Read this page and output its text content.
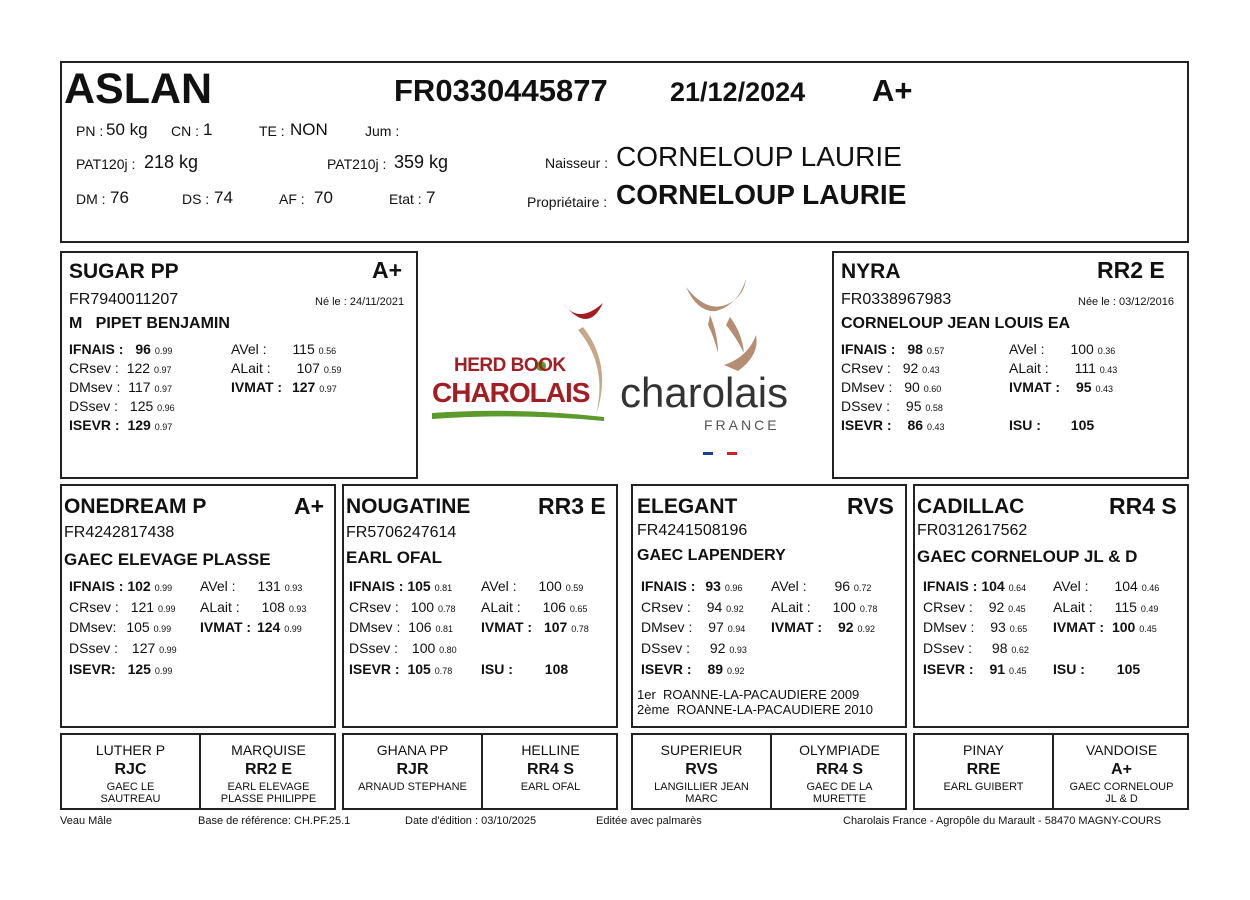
ASLAN	FR0330445877 21/12/2024 A+
PN : 50 kg CN : 1	TE : NON	Jum :
PAT120j : 218 kg	PAT210j : 359 kg
DM : 76	DS : 74	AF : 70	Etat : 7
Naisseur : CORNELOUP LAURIE
Propriétaire : CORNELOUP LAURIE
SUGAR PP	A+
FR7940011207	Né le : 24/11/2021
M   PIPET BENJAMIN
IFNAIS : 96 0.99
CRsev : 122 0.97
DMsev : 117 0.97
DSsev : 125 0.96
ISEVR : 129 0.97
AVel : 115 0.56
ALait : 107 0.59
IVMAT : 127 0.97
HERD BOOK
CHAROLAIS charolais
FRANCE
NYRA	RR2 E
FR0338967983	Née le : 03/12/2016
CORNELOUP JEAN LOUIS EA
IFNAIS : 98 0.57
CRsev : 92 0.43
DMsev : 90 0.60
DSsev : 95 0.58
ISEVR : 86 0.43
AVel : 100 0.36
ALait : 111 0.43
IVMAT : 95 0.43
ISU : 105
ONEDREAM P	A+
FR4242817438
GAEC ELEVAGE PLASSE
IFNAIS : 102 0.99
CRsev : 121 0.99
DMsev: 105 0.99
DSsev : 127 0.99
ISEVR: 125 0.99
AVel : 131 0.93
ALait : 108 0.93
IVMAT : 124 0.99
NOUGATINE	RR3 E
FR5706247614
EARL OFAL
IFNAIS : 105 0.81
CRsev : 100 0.78
DMsev : 106 0.81
DSsev : 100 0.80
ISEVR : 105 0.78
AVel : 100 0.59
ALait : 106 0.65
IVMAT : 107 0.78
ISU : 108
ELEGANT	RVS
FR4241508196
GAEC LAPENDERY
IFNAIS : 93 0.96
CRsev : 94 0.92
DMsev : 97 0.94
DSsev : 92 0.93
ISEVR : 89 0.92
AVel : 96 0.72
ALait : 100 0.78
IVMAT : 92 0.92
1er  ROANNE-LA-PACAUDIERE 2009
2ème  ROANNE-LA-PACAUDIERE 2010
CADILLAC	RR4 S
FR0312617562
GAEC CORNELOUP JL & D
IFNAIS : 104 0.64
CRsev : 92 0.45
DMsev : 93 0.65
DSsev : 98 0.62
ISEVR : 91 0.45
AVel : 104 0.46
ALait : 115 0.49
IVMAT : 100 0.45
ISU : 105
LUTHER P
RJC
GAEC LE SAUTREAU
MARQUISE
RR2 E
EARL ELEVAGE PLASSE PHILIPPE
GHANA PP
RJR
ARNAUD STEPHANE
HELLINE
RR4 S
EARL OFAL
SUPERIEUR
RVS
LANGILLIER JEAN MARC
OLYMPIADE
RR4 S
GAEC DE LA MURETTE
PINAY
RRE
EARL GUIBERT
VANDOISE
A+
GAEC CORNELOUP JL & D
Veau Mâle	Base de référence: CH.PF.25.1	Date d'édition : 03/10/2025	Editée avec palmarès	Charolais France - Agropôle du Marault - 58470 MAGNY-COURS
